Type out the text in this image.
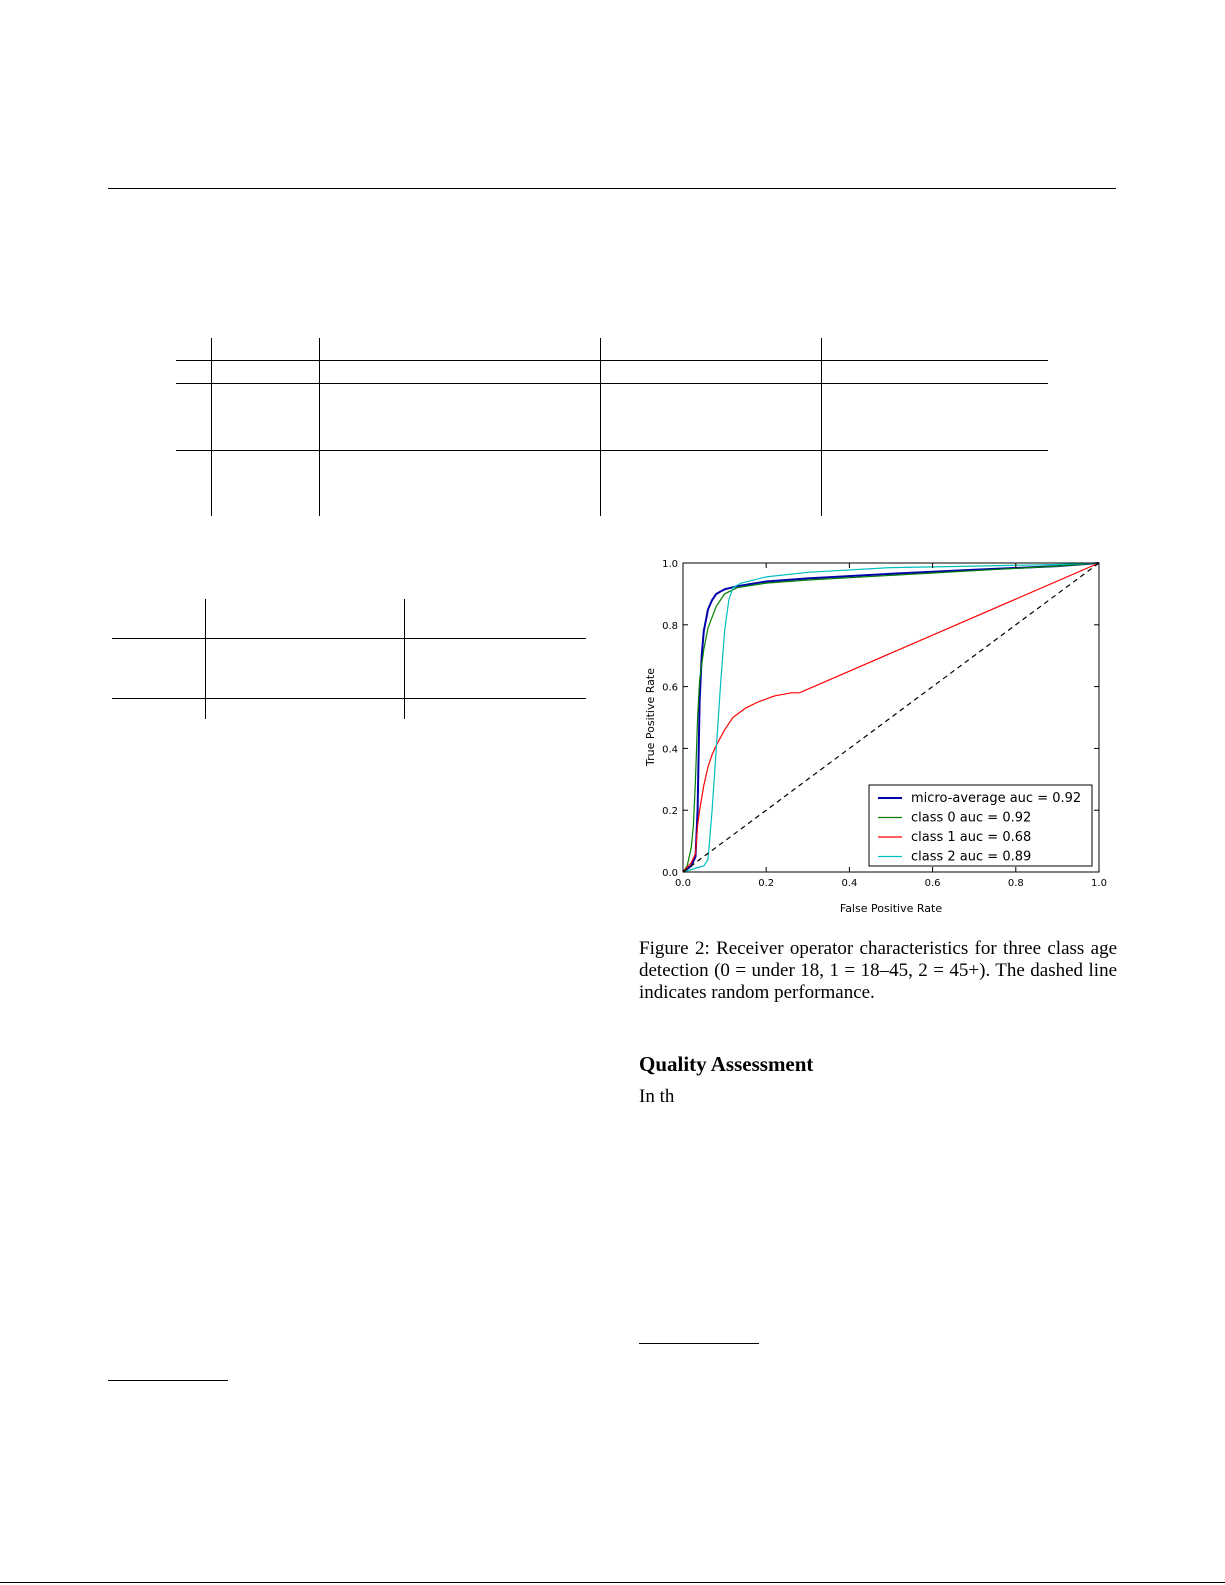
0.0	0.2	0.4	0.6	0.8	1.0
0.0
0.2
0.4
0.6
0.8
1.0
False Positive Rate
True Positive Rate
micro-average auc = 0.92
class 0 auc = 0.92
class 1 auc = 0.68
class 2 auc = 0.89
Figure 2: Receiver operator characteristics for three class age detection (0 = under 18, 1 = 18–45, 2 = 45+). The dashed line indicates random performance.
Quality Assessment
In th
